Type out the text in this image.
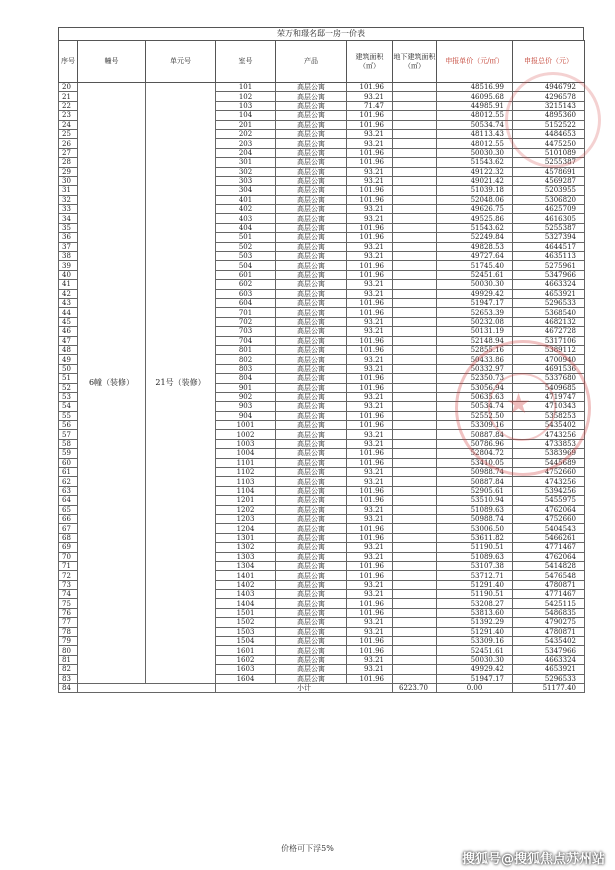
荣万和璟名邸一房一价表
序号	幢号	单元号	室号	产品	建筑面积（㎡）	地下建筑面积（㎡）	申报单价（元/㎡）	申报总价（元）	
20	6幢（装修）	21号（装修）	101	高层公寓	101.96		48516.99	4946792	
21			102	高层公寓	93.21		46095.68	4296578	
22			103	高层公寓	71.47		44985.91	3215143	
23			104	高层公寓	101.96		48012.55	4895360	
24			201	高层公寓	101.96		50534.74	5152522	
25			202	高层公寓	93.21		48113.43	4484653	
26			203	高层公寓	93.21		48012.55	4475250	
27			204	高层公寓	101.96		50030.30	5101089	
28			301	高层公寓	101.96		51543.62	5255387	
29			302	高层公寓	93.21		49122.32	4578691	
30			303	高层公寓	93.21		49021.42	4569287	
31			304	高层公寓	101.96		51039.18	5203955	
32			401	高层公寓	101.96		52048.06	5306820	
33			402	高层公寓	93.21		49626.75	4625709	
34			403	高层公寓	93.21		49525.86	4616305	
35			404	高层公寓	101.96		51543.62	5255387	
36			501	高层公寓	101.96		52249.84	5327394	
37			502	高层公寓	93.21		49828.53	4644517	
38			503	高层公寓	93.21		49727.64	4635113	
39			504	高层公寓	101.96		51745.40	5275961	
40			601	高层公寓	101.96		52451.61	5347966	
41			602	高层公寓	93.21		50030.30	4663324	
42			603	高层公寓	93.21		49929.42	4653921	
43			604	高层公寓	101.96		51947.17	5296533	
44			701	高层公寓	101.96		52653.39	5368540	
45			702	高层公寓	93.21		50232.08	4682132	
46			703	高层公寓	93.21		50131.19	4672728	
47			704	高层公寓	101.96		52148.94	5317106	
48			801	高层公寓	101.96		52855.16	5389112	
49			802	高层公寓	93.21		50433.86	4700940	
50			803	高层公寓	93.21		50332.97	4691536	
51			804	高层公寓	101.96		52350.73	5337680	
52			901	高层公寓	101.96		53056.94	5409685	
53			902	高层公寓	93.21		50635.63	4719747	
54			903	高层公寓	93.21		50534.74	4710343	
55			904	高层公寓	101.96		52552.50	5358253	
56			1001	高层公寓	101.96		53309.16	5435402	
57			1002	高层公寓	93.21		50887.84	4743256	
58			1003	高层公寓	93.21		50786.96	4733853	
59			1004	高层公寓	101.96		52804.72	5383969	
60			1101	高层公寓	101.96		53410.05	5445689	
61			1102	高层公寓	93.21		50988.74	4752660	
62			1103	高层公寓	93.21		50887.84	4743256	
63			1104	高层公寓	101.96		52905.61	5394256	
64			1201	高层公寓	101.96		53510.94	5455975	
65			1202	高层公寓	93.21		51089.63	4762064	
66			1203	高层公寓	93.21		50988.74	4752660	
67			1204	高层公寓	101.96		53006.50	5404543	
68			1301	高层公寓	101.96		53611.82	5466261	
69			1302	高层公寓	93.21		51190.51	4771467	
70			1303	高层公寓	93.21		51089.63	4762064	
71			1304	高层公寓	101.96		53107.38	5414828	
72			1401	高层公寓	101.96		53712.71	5476548	
73			1402	高层公寓	93.21		51291.40	4780871	
74			1403	高层公寓	93.21		51190.51	4771467	
75			1404	高层公寓	101.96		53208.27	5425115	
76			1501	高层公寓	101.96		53813.60	5486835	
77			1502	高层公寓	93.21		51392.29	4790275	
78			1503	高层公寓	93.21		51291.40	4780871	
79			1504	高层公寓	101.96		53309.16	5435402	
80			1601	高层公寓	101.96		52451.61	5347966	
81			1602	高层公寓	93.21		50030.30	4663324	
82			1603	高层公寓	93.21		49929.42	4653921	
83			1604	高层公寓	101.96		51947.17	5296533	
84			小计			6223.70	0.00	51177.40	
★
价格可下浮5%
搜狐号@搜狐焦点苏州站
